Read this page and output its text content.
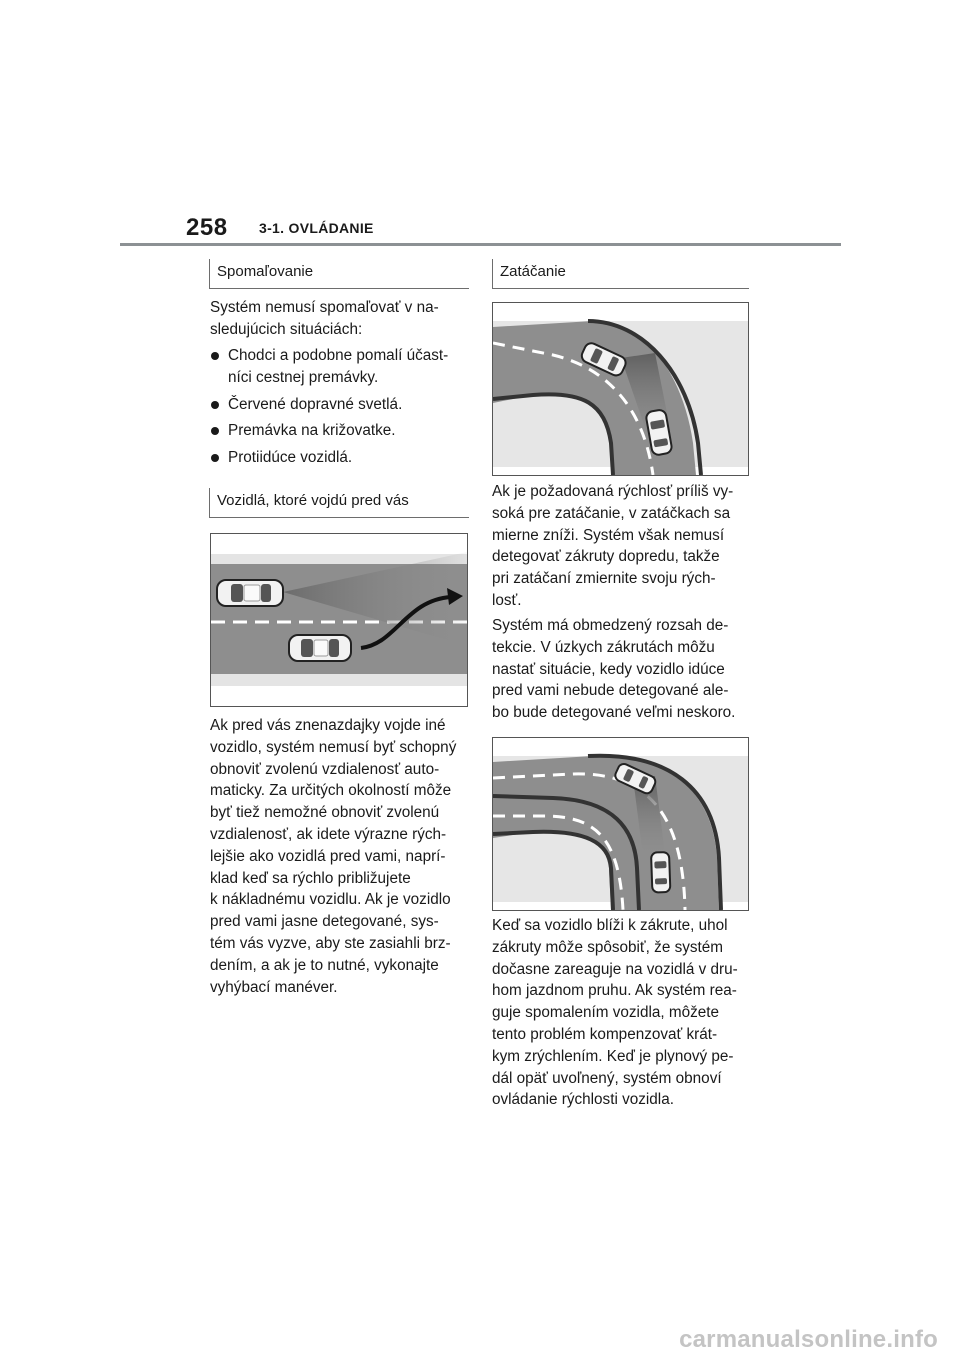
258 3-1. OVLÁDANIE
Spomaľovanie
Systém nemusí spomaľovať v na-
sledujúcich situáciách:
Chodci a podobne pomalí účast-
níci cestnej premávky.
Červené dopravné svetlá.
Premávka na križovatke.
Protiidúce vozidlá.
Vozidlá, ktoré vojdú pred vás
Ak pred vás znenazdajky vojde iné
vozidlo, systém nemusí byť schopný
obnoviť zvolenú vzdialenosť auto-
maticky. Za určitých okolností môže
byť tiež nemožné obnoviť zvolenú
vzdialenosť, ak idete výrazne rých-
lejšie ako vozidlá pred vami, naprí-
klad keď sa rýchlo približujete
k nákladnému vozidlu. Ak je vozidlo
pred vami jasne detegované, sys-
tém vás vyzve, aby ste zasiahli brz-
dením, a ak je to nutné, vykonajte
vyhýbací manéver.
Zatáčanie
Ak je požadovaná rýchlosť príliš vy-
soká pre zatáčanie, v zatáčkach sa
mierne zníži. Systém však nemusí
detegovať zákruty dopredu, takže
pri zatáčaní zmiernite svoju rých-
losť.
Systém má obmedzený rozsah de-
tekcie. V úzkych zákrutách môžu
nastať situácie, kedy vozidlo idúce
pred vami nebude detegované ale-
bo bude detegované veľmi neskoro.
Keď sa vozidlo blíži k zákrute, uhol
zákruty môže spôsobiť, že systém
dočasne zareaguje na vozidlá v dru-
hom jazdnom pruhu. Ak systém rea-
guje spomalením vozidla, môžete
tento problém kompenzovať krát-
kym zrýchlením. Keď je plynový pe-
dál opäť uvoľnený, systém obnoví
ovládanie rýchlosti vozidla.
carmanualsonline.info
